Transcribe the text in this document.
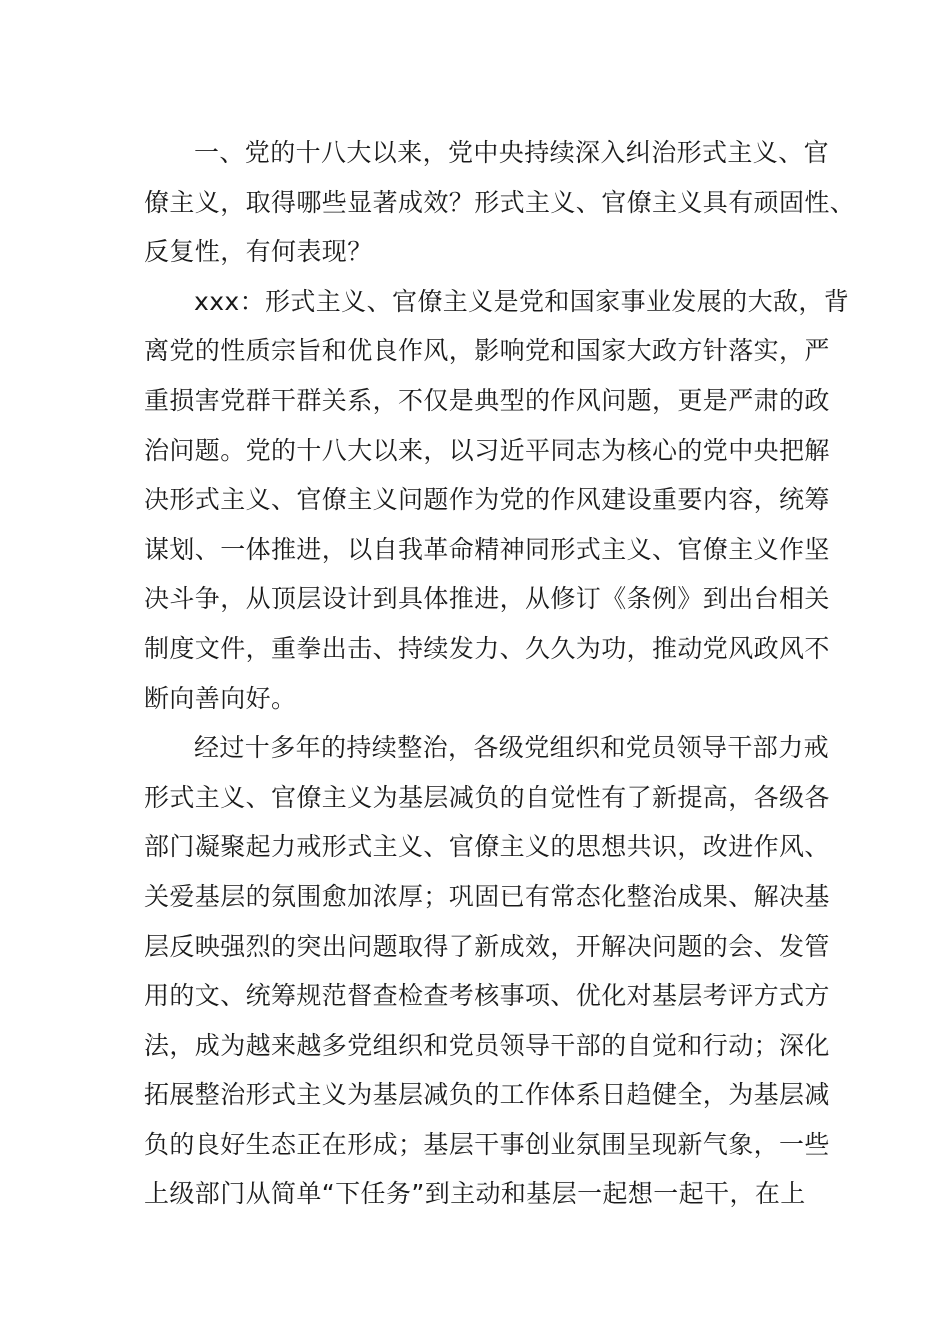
一、党的十八大以来，党中央持续深入纠治形式主义、官
僚主义，取得哪些显著成效？形式主义、官僚主义具有顽固性、
反复性，有何表现？
xxx：形式主义、官僚主义是党和国家事业发展的大敌，背
离党的性质宗旨和优良作风，影响党和国家大政方针落实，严
重损害党群干群关系，不仅是典型的作风问题，更是严肃的政
治问题。党的十八大以来，以习近平同志为核心的党中央把解
决形式主义、官僚主义问题作为党的作风建设重要内容，统筹
谋划、一体推进，以自我革命精神同形式主义、官僚主义作坚
决斗争，从顶层设计到具体推进，从修订《条例》到出台相关
制度文件，重拳出击、持续发力、久久为功，推动党风政风不
断向善向好。
经过十多年的持续整治，各级党组织和党员领导干部力戒
形式主义、官僚主义为基层减负的自觉性有了新提高，各级各
部门凝聚起力戒形式主义、官僚主义的思想共识，改进作风、
关爱基层的氛围愈加浓厚；巩固已有常态化整治成果、解决基
层反映强烈的突出问题取得了新成效，开解决问题的会、发管
用的文、统筹规范督查检查考核事项、优化对基层考评方式方
法，成为越来越多党组织和党员领导干部的自觉和行动；深化
拓展整治形式主义为基层减负的工作体系日趋健全，为基层减
负的良好生态正在形成；基层干事创业氛围呈现新气象，一些
上级部门从简单“下任务”到主动和基层一起想一起干，在上
